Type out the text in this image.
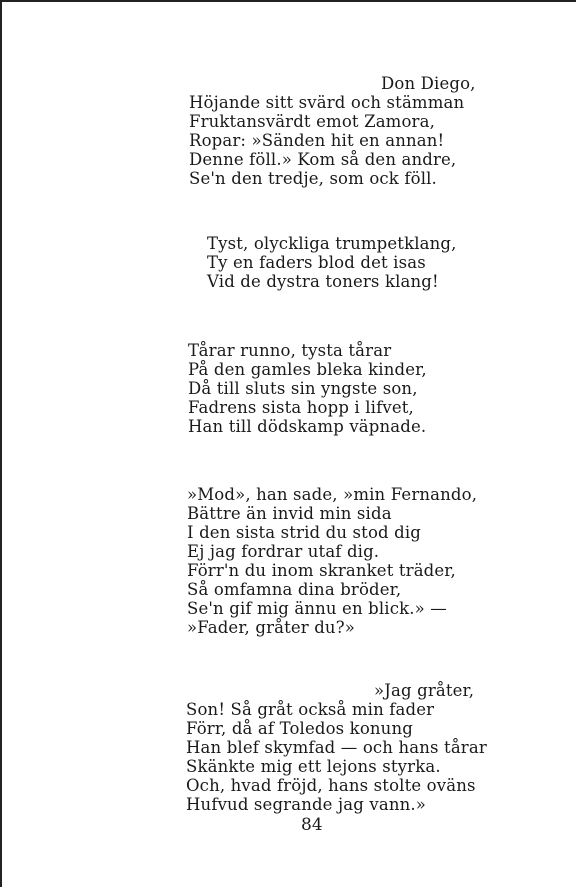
Don Diego,
Höjande sitt svärd och stämman
Fruktansvärdt emot Zamora,
Ropar: »Sänden hit en annan!
Denne föll.» Kom så den andre,
Se'n den tredje, som ock föll.
Tyst, olyckliga trumpetklang,
Ty en faders blod det isas
Vid de dystra toners klang!
Tårar runno, tysta tårar
På den gamles bleka kinder,
Då till sluts sin yngste son,
Fadrens sista hopp i lifvet,
Han till dödskamp väpnade.
»Mod», han sade, »min Fernando,
Bättre än invid min sida
I den sista strid du stod dig
Ej jag fordrar utaf dig.
Förr'n du inom skranket träder,
Så omfamna dina bröder,
Se'n gif mig ännu en blick.» —
»Fader, gråter du?»
»Jag gråter,
Son! Så gråt också min fader
Förr, då af Toledos konung
Han blef skymfad — och hans tårar
Skänkte mig ett lejons styrka.
Och, hvad fröjd, hans stolte oväns
Hufvud segrande jag vann.»
84
